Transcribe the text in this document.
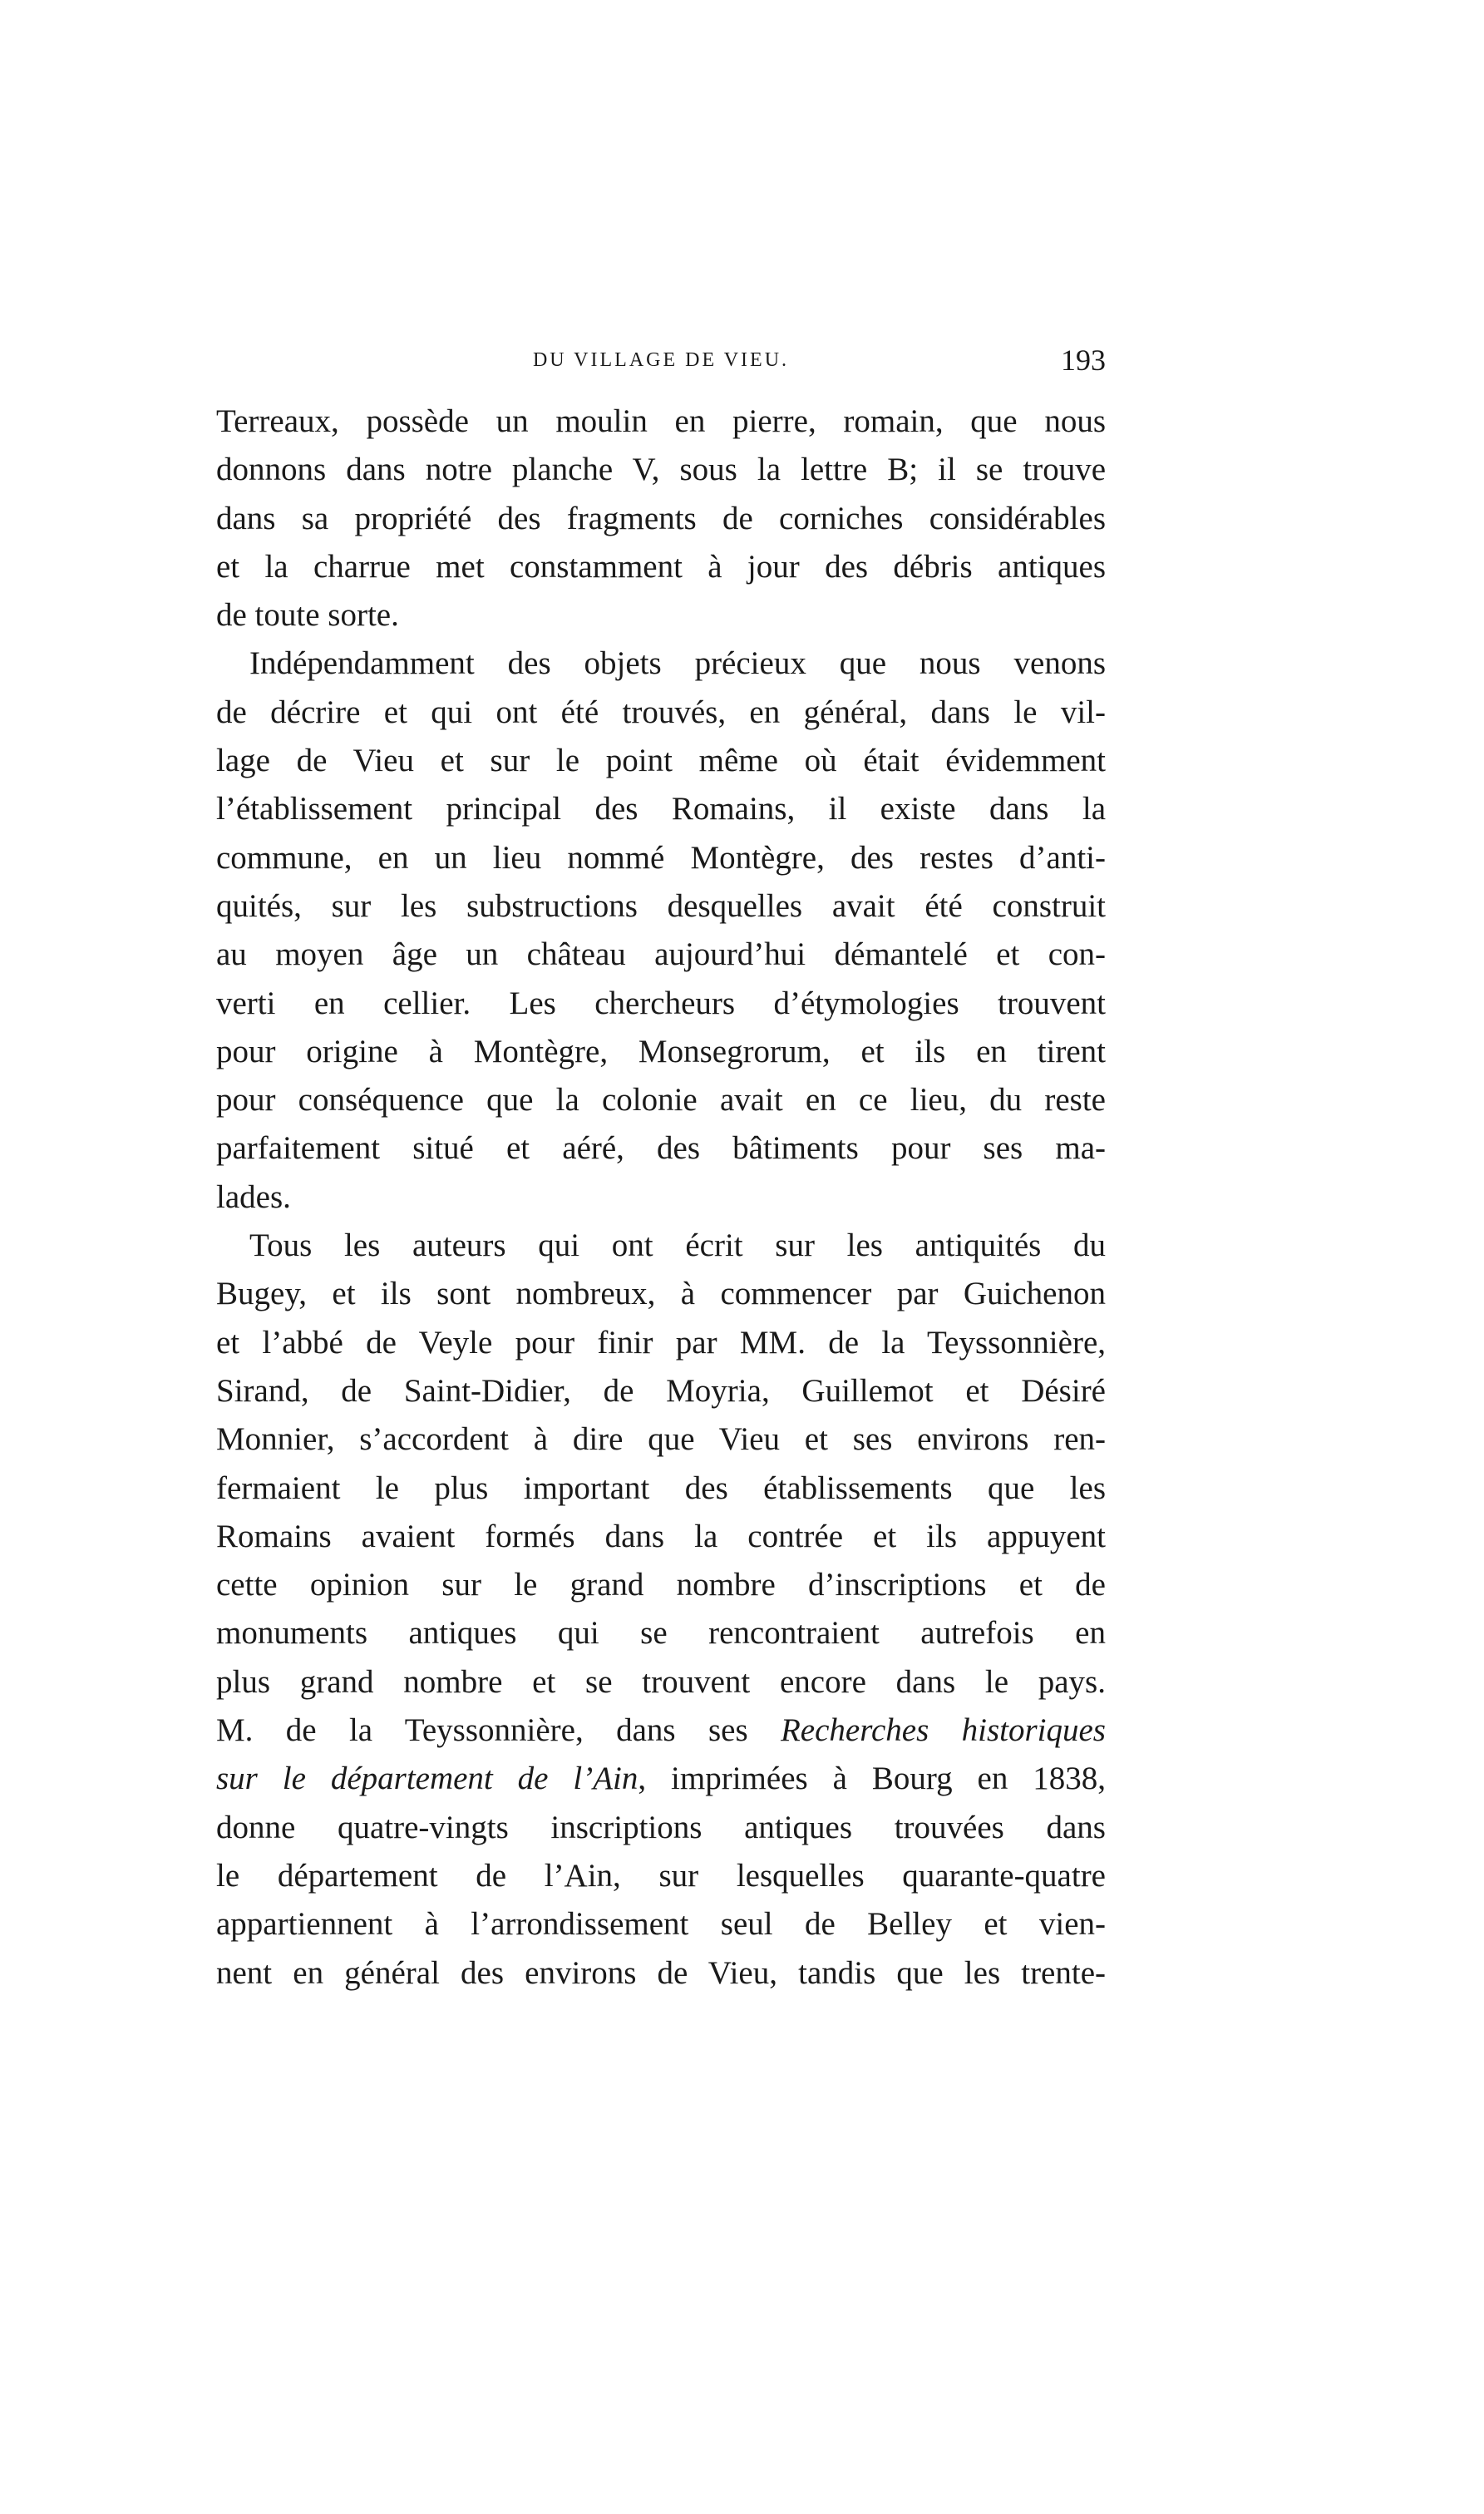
DU VILLAGE DE VIEU.	193
Terreaux, possède un moulin en pierre, romain, que nous
donnons dans notre planche V, sous la lettre B; il se trouve
dans sa propriété des fragments de corniches considérables
et la charrue met constamment à jour des débris antiques
de toute sorte.
Indépendamment des objets précieux que nous venons
de décrire et qui ont été trouvés, en général, dans le vil-
lage de Vieu et sur le point même où était évidemment
l’établissement principal des Romains, il existe dans la
commune, en un lieu nommé Montègre, des restes d’anti-
quités, sur les substructions desquelles avait été construit
au moyen âge un château aujourd’hui démantelé et con-
verti en cellier. Les chercheurs d’étymologies trouvent
pour origine à Montègre, Monsegrorum, et ils en tirent
pour conséquence que la colonie avait en ce lieu, du reste
parfaitement situé et aéré, des bâtiments pour ses ma-
lades.
Tous les auteurs qui ont écrit sur les antiquités du
Bugey, et ils sont nombreux, à commencer par Guichenon
et l’abbé de Veyle pour finir par MM. de la Teyssonnière,
Sirand, de Saint-Didier, de Moyria, Guillemot et Désiré
Monnier, s’accordent à dire que Vieu et ses environs ren-
fermaient le plus important des établissements que les
Romains avaient formés dans la contrée et ils appuyent
cette opinion sur le grand nombre d’inscriptions et de
monuments antiques qui se rencontraient autrefois en
plus grand nombre et se trouvent encore dans le pays.
M. de la Teyssonnière, dans ses Recherches historiques
sur le département de l’Ain, imprimées à Bourg en 1838,
donne quatre-vingts inscriptions antiques trouvées dans
le département de l’Ain, sur lesquelles quarante-quatre
appartiennent à l’arrondissement seul de Belley et vien-
nent en général des environs de Vieu, tandis que les trente-
